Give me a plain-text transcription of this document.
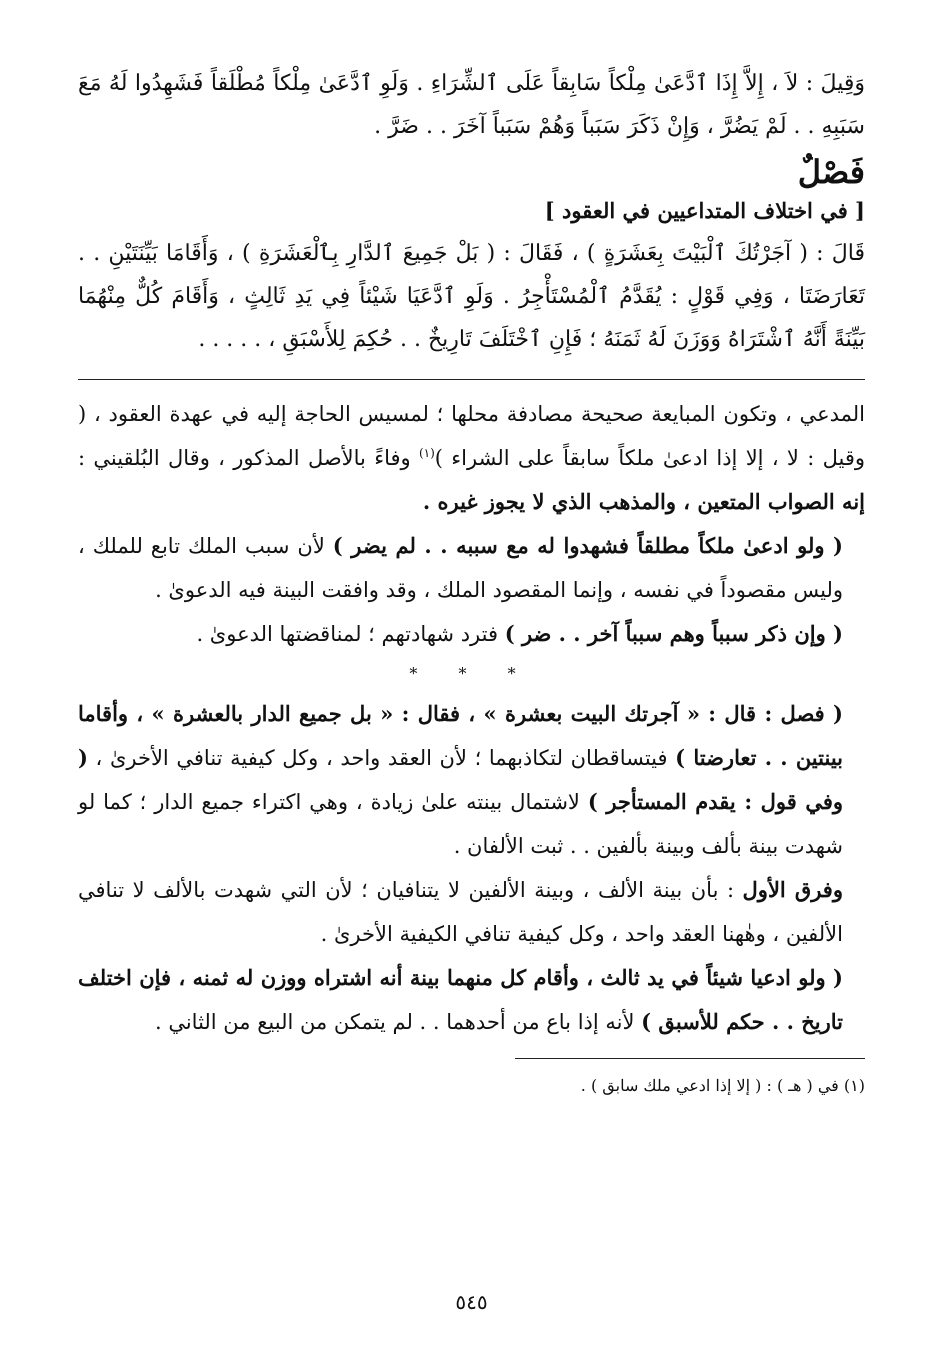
وَقِيلَ : لاَ ، إِلاَّ إِذَا ٱدَّعَىٰ مِلْكاً سَابِقاً عَلَى ٱلشِّرَاءِ . وَلَوِ ٱدَّعَىٰ مِلْكاً مُطْلَقاً فَشَهِدُوا لَهُ مَعَ سَبَبِهِ . . لَمْ يَضُرَّ ، وَإِنْ ذَكَرَ سَبَباً وَهُمْ سَبَباً آخَرَ . . ضَرَّ .

فَصْلٌ
[ في اختلاف المتداعيين في العقود ]

قَالَ : ( آجَرْتُكَ ٱلْبَيْتَ بِعَشَرَةٍ ) ، فَقَالَ : ( بَلْ جَمِيعَ ٱلدَّارِ بِٱلْعَشَرَةِ ) ، وَأَقَامَا بَيِّنَتَيْنِ . . تَعَارَضَتَا ، وَفِي قَوْلٍ : يُقَدَّمُ ٱلْمُسْتَأْجِرُ . وَلَوِ ٱدَّعَيَا شَيْئاً فِي يَدِ ثَالِثٍ ، وَأَقَامَ كُلٌّ مِنْهُمَا بَيِّنَةً أَنَّهُ ٱشْتَرَاهُ وَوَزَنَ لَهُ ثَمَنَهُ ؛ فَإِنِ ٱخْتَلَفَ تَارِيخٌ . . حُكِمَ لِلأَسْبَقِ ، . . . . .

المدعي ، وتكون المبايعة صحيحة مصادفة محلها ؛ لمسيس الحاجة إليه في عهدة العقود ، ( وقيل : لا ، إلا إذا ادعىٰ ملكاً سابقاً على الشراء )$^{(١)}$ وفاءً بالأصل المذكور ، وقال البُلقيني : إنه الصواب المتعين ، والمذهب الذي لا يجوز غيره .

( ولو ادعىٰ ملكاً مطلقاً فشهدوا له مع سببه . . لم يضر ) لأن سبب الملك تابع للملك ، وليس مقصوداً في نفسه ، وإنما المقصود الملك ، وقد وافقت البينة فيه الدعوىٰ .

( وإن ذكر سبباً وهم سبباً آخر . . ضر ) فترد شهادتهم ؛ لمناقضتها الدعوىٰ .

* * *

( فصل : قال : « آجرتك البيت بعشرة » ، فقال : « بل جميع الدار بالعشرة » ، وأقاما بينتين . . تعارضتا ) فيتساقطان لتكاذبهما ؛ لأن العقد واحد ، وكل كيفية تنافي الأخرىٰ ، ( وفي قول : يقدم المستأجر ) لاشتمال بينته علىٰ زيادة ، وهي اكتراء جميع الدار ؛ كما لو شهدت بينة بألف وبينة بألفين . . ثبت الألفان .

وفرق الأول : بأن بينة الألف ، وبينة الألفين لا يتنافيان ؛ لأن التي شهدت بالألف لا تنافي الألفين ، وهٰهنا العقد واحد ، وكل كيفية تنافي الكيفية الأخرىٰ .

( ولو ادعيا شيئاً في يد ثالث ، وأقام كل منهما بينة أنه اشتراه ووزن له ثمنه ، فإن اختلف تاريخ . . حكم للأسبق ) لأنه إذا باع من أحدهما . . لم يتمكن من البيع من الثاني .

(١) في ( هـ ) : ( إلا إذا ادعي ملك سابق ) .
٥٤٥
